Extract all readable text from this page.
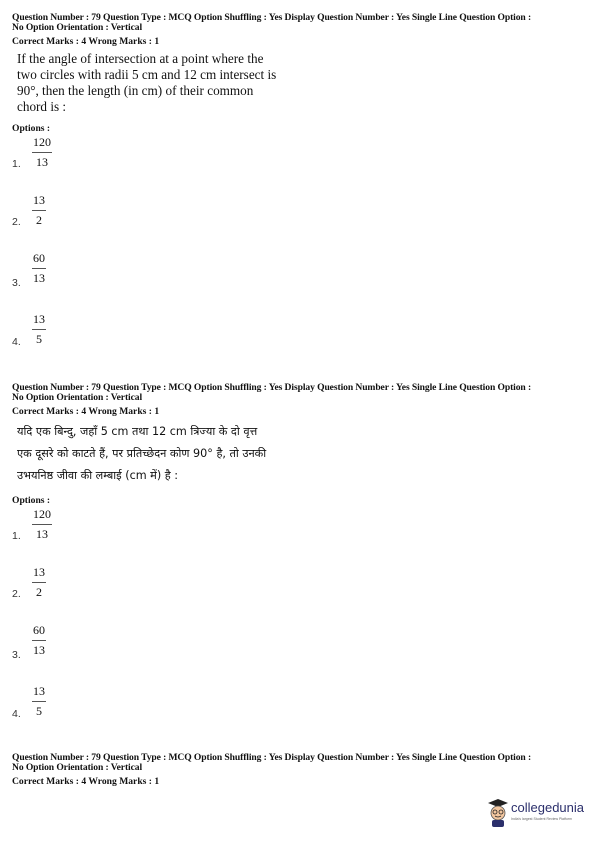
Question Number : 79 Question Type : MCQ Option Shuffling : Yes Display Question Number : Yes Single Line Question Option :
No Option Orientation : Vertical
Correct Marks : 4 Wrong Marks : 1
If the angle of intersection at a point where the two circles with radii 5 cm and 12 cm intersect is 90°, then the length (in cm) of their common chord is :
Options :
1. $\frac{120}{13}$
2. $\frac{13}{2}$
3. $\frac{60}{13}$
4. $\frac{13}{5}$
Question Number : 79 Question Type : MCQ Option Shuffling : Yes Display Question Number : Yes Single Line Question Option :
No Option Orientation : Vertical
Correct Marks : 4 Wrong Marks : 1
यदि एक बिन्दु, जहाँ 5 cm तथा 12 cm त्रिज्या के दो वृत्त एक दूसरे को काटते हैं, पर प्रतिच्छेदन कोण 90° है, तो उनकी उभयनिष्ठ जीवा की लम्बाई (cm में) है :
Options :
1. $\frac{120}{13}$
2. $\frac{13}{2}$
3. $\frac{60}{13}$
4. $\frac{13}{5}$
Question Number : 79 Question Type : MCQ Option Shuffling : Yes Display Question Number : Yes Single Line Question Option :
No Option Orientation : Vertical
Correct Marks : 4 Wrong Marks : 1
collegedunia
India's largest Student Review Platform
